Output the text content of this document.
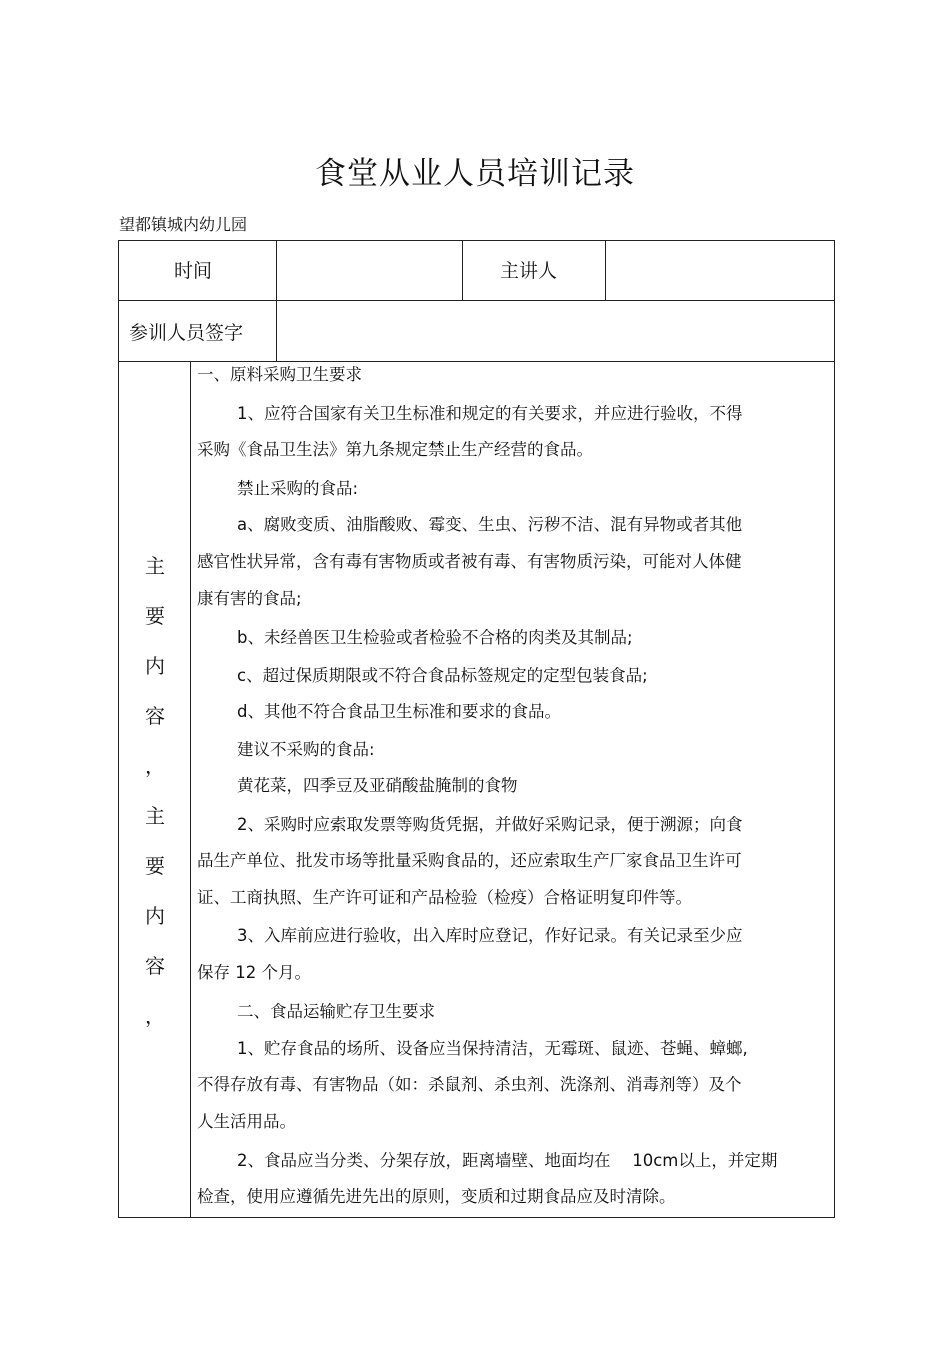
食堂从业人员培训记录
望都镇城内幼儿园
时间	主讲人
参训人员签字
主
要
内
容
，
主
要
内
容
，
一、原料采购卫生要求
1、应符合国家有关卫生标准和规定的有关要求，并应进行验收，不得
采购《食品卫生法》第九条规定禁止生产经营的食品。
禁止采购的食品:
a、腐败变质、油脂酸败、霉变、生虫、污秽不洁、混有异物或者其他
感官性状异常，含有毒有害物质或者被有毒、有害物质污染，可能对人体健
康有害的食品;
b、未经兽医卫生检验或者检验不合格的肉类及其制品;
c、超过保质期限或不符合食品标签规定的定型包装食品;
d、其他不符合食品卫生标准和要求的食品。
建议不采购的食品:
黄花菜，四季豆及亚硝酸盐腌制的食物
2、采购时应索取发票等购货凭据，并做好采购记录，便于溯源；向食
品生产单位、批发市场等批量采购食品的，还应索取生产厂家食品卫生许可
证、工商执照、生产许可证和产品检验（检疫）合格证明复印件等。
3、入库前应进行验收，出入库时应登记，作好记录。有关记录至少应
保存 12 个月。
二、食品运输贮存卫生要求
1、贮存食品的场所、设备应当保持清洁，无霉斑、鼠迹、苍蝇、蟑螂,
不得存放有毒、有害物品（如：杀鼠剂、杀虫剂、洗涤剂、消毒剂等）及个
人生活用品。
2、食品应当分类、分架存放，距离墙壁、地面均在　 10cm以上，并定期
检查，使用应遵循先进先出的原则，变质和过期食品应及时清除。
